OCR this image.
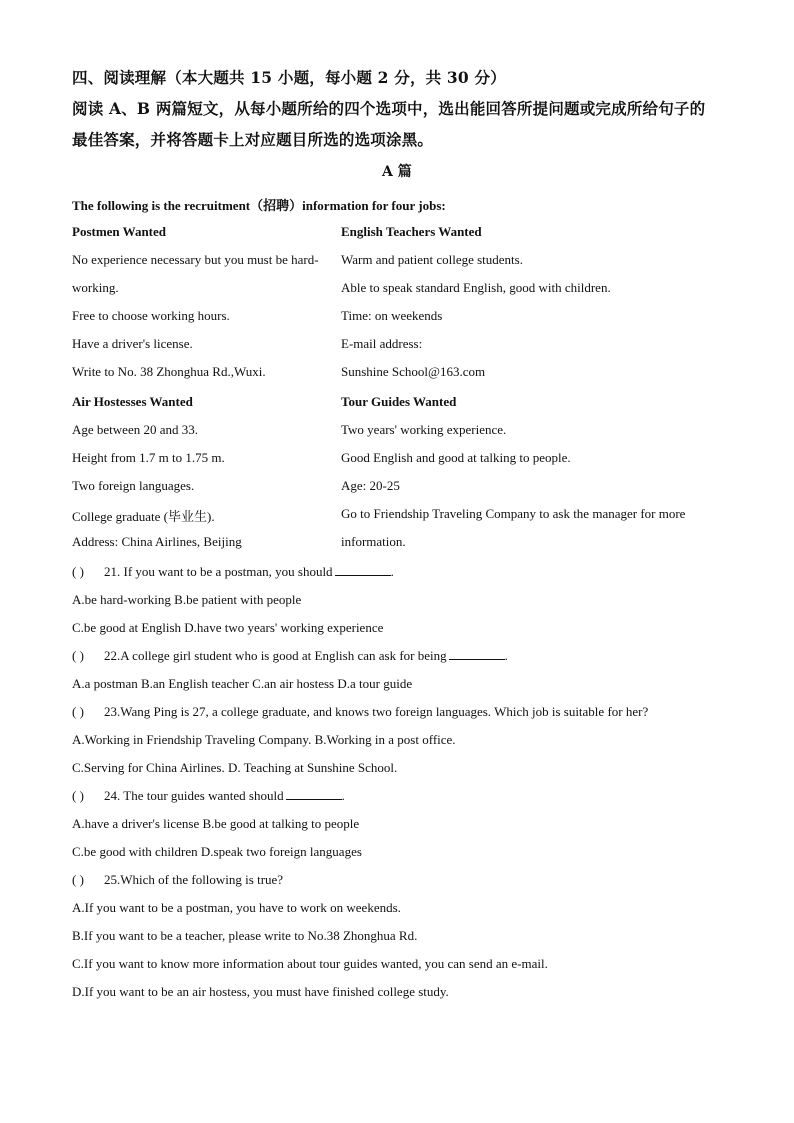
四、阅读理解（本大题共 15 小题，每小题 2 分，共 30 分）
阅读 A、B 两篇短文，从每小题所给的四个选项中，选出能回答所提问题或完成所给句子的
最佳答案，并将答题卡上对应题目所选的选项涂黑。
A 篇
The following is the recruitment（招聘）information for four jobs:
Postmen Wanted
No experience necessary but you must be hard-
working.
Free to choose working hours.
Have a driver's license.
Write to No. 38 Zhonghua Rd.,Wuxi.
English Teachers Wanted
Warm and patient college students.
Able to speak standard English, good with children.
Time: on weekends
E-mail address:
Sunshine School@163.com
Air Hostesses Wanted
Age between 20 and 33.
Height from 1.7 m to 1.75 m.
Two foreign languages.
College graduate (毕业生).
Address: China Airlines, Beijing
Tour Guides Wanted
Two years' working experience.
Good English and good at talking to people.
Age: 20-25
Go to Friendship Traveling Company to ask the manager for more
information.
( ) 21. If you want to be a postman, you should	.
A.be hard-working B.be patient with people
C.be good at English D.have two years' working experience
( ) 22.A college girl student who is good at English can ask for being	.
A.a postman B.an English teacher C.an air hostess D.a tour guide
( ) 23.Wang Ping is 27, a college graduate, and knows two foreign languages. Which job is suitable for her?
A.Working in Friendship Traveling Company. B.Working in a post office.
C.Serving for China Airlines. D. Teaching at Sunshine School.
( ) 24. The tour guides wanted should	.
A.have a driver's license B.be good at talking to people
C.be good with children D.speak two foreign languages
( ) 25.Which of the following is true?
A.If you want to be a postman, you have to work on weekends.
B.If you want to be a teacher, please write to No.38 Zhonghua Rd.
C.If you want to know more information about tour guides wanted, you can send an e-mail.
D.If you want to be an air hostess, you must have finished college study.
